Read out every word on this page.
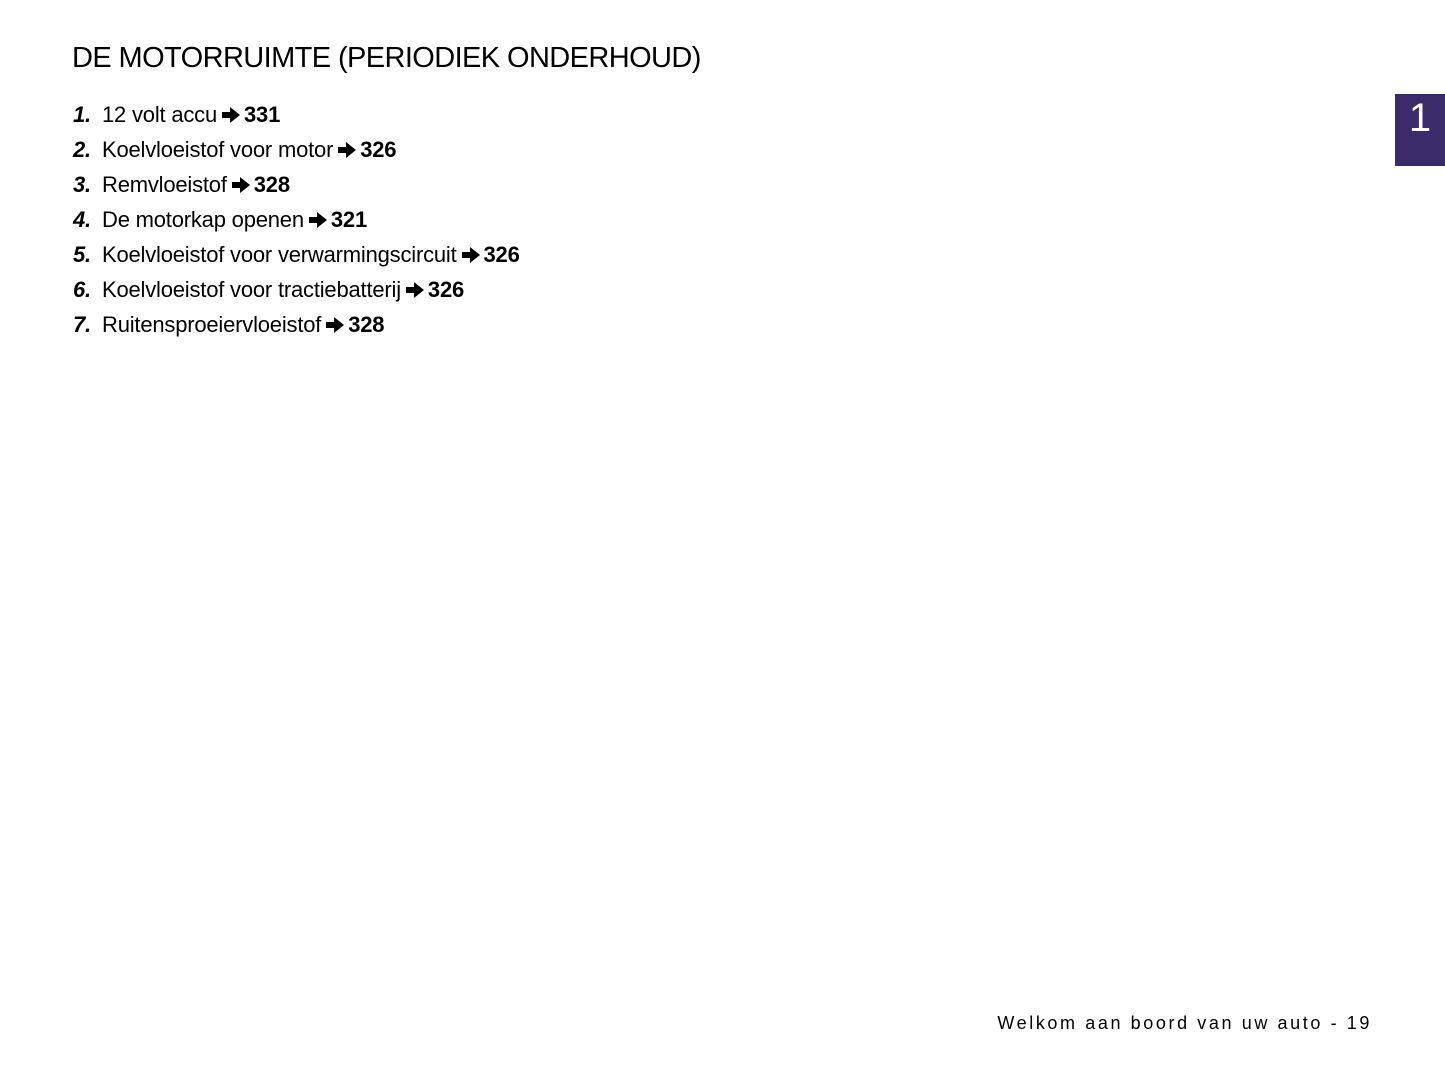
DE MOTORRUIMTE (PERIODIEK ONDERHOUD)
1. 12 volt accu 331
2. Koelvloeistof voor motor 326
3. Remvloeistof 328
4. De motorkap openen 321
5. Koelvloeistof voor verwarmingscircuit 326
6. Koelvloeistof voor tractiebatterij 326
7. Ruitensproeiervloeistof 328
1
Welkom aan boord van uw auto - 19
